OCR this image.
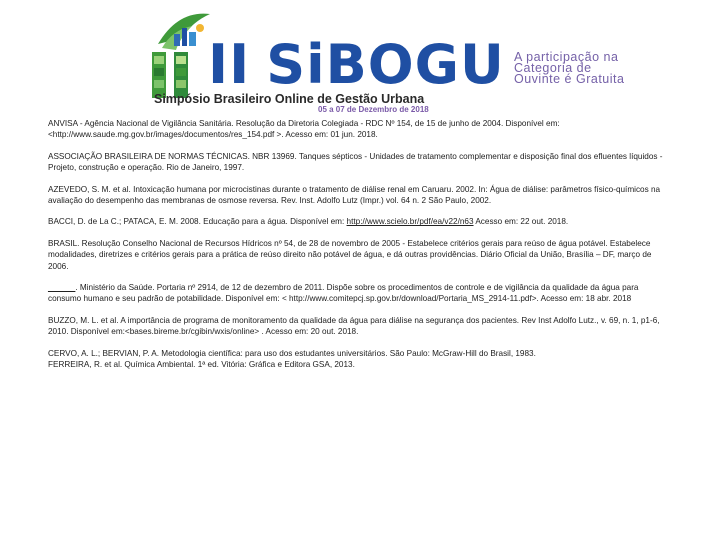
II SiBOGU
Simpósio Brasileiro Online de Gestão Urbana
05 a 07 de Dezembro de 2018
A participação na
Categoria de
Ouvinte é Gratuita

ANVISA - Agência Nacional de Vigilância Sanitária. Resolução da Diretoria Colegiada - RDC Nº 154, de 15 de junho de 2004. Disponível em: <http://www.saude.mg.gov.br/images/documentos/res_154.pdf >. Acesso em: 01 jun. 2018.

ASSOCIAÇÃO BRASILEIRA DE NORMAS TÉCNICAS. NBR 13969. Tanques sépticos - Unidades de tratamento complementar e disposição final dos efluentes líquidos - Projeto, construção e operação. Rio de Janeiro, 1997.

AZEVEDO, S. M. et al. Intoxicação humana por microcistinas durante o tratamento de diálise renal em Caruaru. 2002. In: Água de diálise: parâmetros físico-químicos na avaliação do desempenho das membranas de osmose reversa. Rev. Inst. Adolfo Lutz (Impr.) vol. 64 n. 2 São Paulo, 2002.

BACCI, D. de La C.; PATACA, E. M. 2008. Educação para a água. Disponível em: http://www.scielo.br/pdf/ea/v22/n63 Acesso em: 22 out. 2018.

BRASIL. Resolução Conselho Nacional de Recursos Hídricos nº 54, de 28 de novembro de 2005 - Estabelece critérios gerais para reúso de água potável. Estabelece modalidades, diretrizes e critérios gerais para a prática de reúso direito não potável de água, e dá outras providências. Diário Oficial da União, Brasília – DF, março de 2006.

______. Ministério da Saúde. Portaria nº 2914, de 12 de dezembro de 2011. Dispõe sobre os procedimentos de controle e de vigilância da qualidade da água para consumo humano e seu padrão de potabilidade. Disponível em: < http://www.comitepcj.sp.gov.br/download/Portaria_MS_2914-11.pdf>. Acesso em: 18 abr. 2018

BUZZO, M. L. et al. A importância de programa de monitoramento da qualidade da água para diálise na segurança dos pacientes. Rev Inst Adolfo Lutz., v. 69, n. 1, p1-6, 2010. Disponível em:<bases.bireme.br/cgibin/wxis/online> . Acesso em: 20 out. 2018.

CERVO, A. L.; BERVIAN, P. A. Metodologia científica: para uso dos estudantes universitários. São Paulo: McGraw-Hill do Brasil, 1983.

FERREIRA, R. et al. Química Ambiental. 1ª ed. Vitória: Gráfica e Editora GSA, 2013.
